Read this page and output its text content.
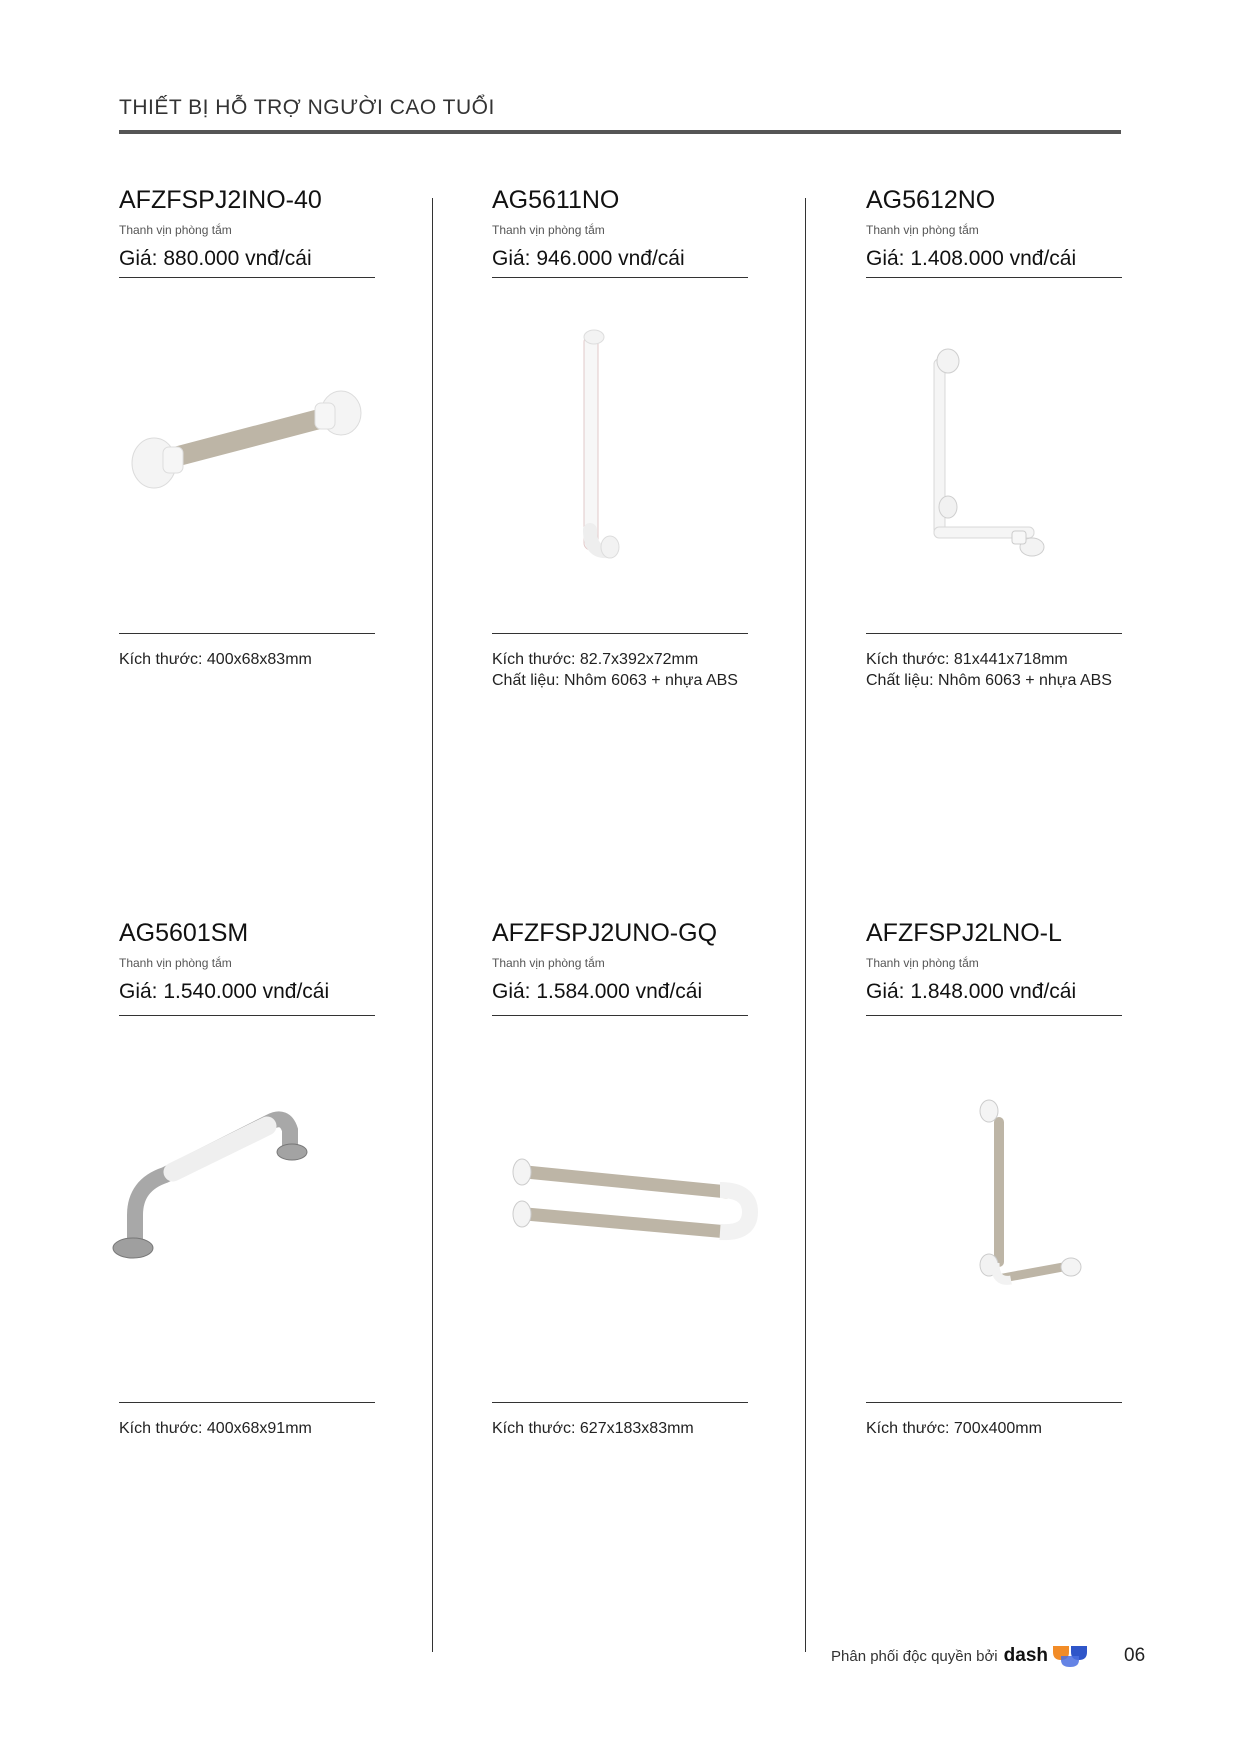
THIẾT BỊ HỖ TRỢ NGƯỜI CAO TUỔI
AFZFSPJ2INO-40
Thanh vịn phòng tắm
Giá: 880.000 vnđ/cái
Kích thước: 400x68x83mm
AG5611NO
Thanh vịn phòng tắm
Giá: 946.000 vnđ/cái
Kích thước: 82.7x392x72mm
Chất liệu: Nhôm 6063 + nhựa ABS
AG5612NO
Thanh vịn phòng tắm
Giá: 1.408.000 vnđ/cái
Kích thước: 81x441x718mm
Chất liệu: Nhôm 6063 + nhựa ABS
AG5601SM
Thanh vịn phòng tắm
Giá: 1.540.000 vnđ/cái
Kích thước: 400x68x91mm
AFZFSPJ2UNO-GQ
Thanh vịn phòng tắm
Giá: 1.584.000 vnđ/cái
Kích thước: 627x183x83mm
AFZFSPJ2LNO-L
Thanh vịn phòng tắm
Giá: 1.848.000 vnđ/cái
Kích thước: 700x400mm
Phân phối độc quyền bởi dash	06
